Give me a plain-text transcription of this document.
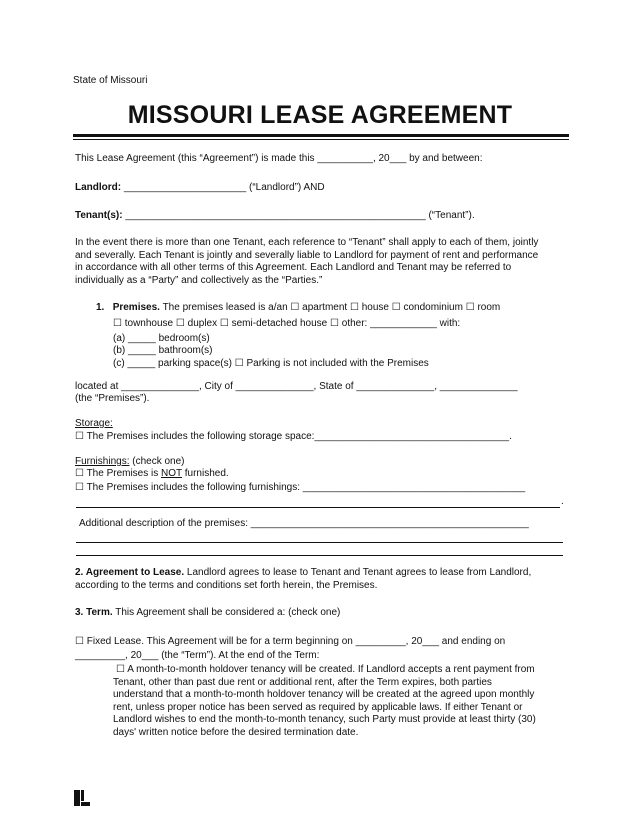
State of Missouri
MISSOURI LEASE AGREEMENT
This Lease Agreement (this “Agreement”) is made this __________, 20___ by and between:
Landlord: ______________________ (“Landlord”) AND
Tenant(s): ______________________________________________________ (“Tenant”).
In the event there is more than one Tenant, each reference to “Tenant” shall apply to each of them, jointly
and severally. Each Tenant is jointly and severally liable to Landlord for payment of rent and performance
in accordance with all other terms of this Agreement. Each Landlord and Tenant may be referred to
individually as a “Party” and collectively as the “Parties.”
1. Premises. The premises leased is a/an ☐ apartment ☐ house ☐ condominium ☐ room
☐ townhouse ☐ duplex ☐ semi-detached house ☐ other: ____________ with:
(a) _____ bedroom(s)
(b) _____ bathroom(s)
(c) _____ parking space(s) ☐ Parking is not included with the Premises
located at ______________, City of ______________, State of ______________, ______________
(the “Premises”).
Storage:
☐ The Premises includes the following storage space:___________________________________.
Furnishings: (check one)
☐ The Premises is NOT furnished.
☐ The Premises includes the following furnishings: ________________________________________
.
Additional description of the premises: __________________________________________________
2. Agreement to Lease. Landlord agrees to lease to Tenant and Tenant agrees to lease from Landlord,
according to the terms and conditions set forth herein, the Premises.
3. Term. This Agreement shall be considered a: (check one)
☐ Fixed Lease. This Agreement will be for a term beginning on _________, 20___ and ending on
_________, 20___ (the “Term”). At the end of the Term:
☐ A month-to-month holdover tenancy will be created. If Landlord accepts a rent payment from
Tenant, other than past due rent or additional rent, after the Term expires, both parties
understand that a month-to-month holdover tenancy will be created at the agreed upon monthly
rent, unless proper notice has been served as required by applicable laws. If either Tenant or
Landlord wishes to end the month-to-month tenancy, such Party must provide at least thirty (30)
days' written notice before the desired termination date.
